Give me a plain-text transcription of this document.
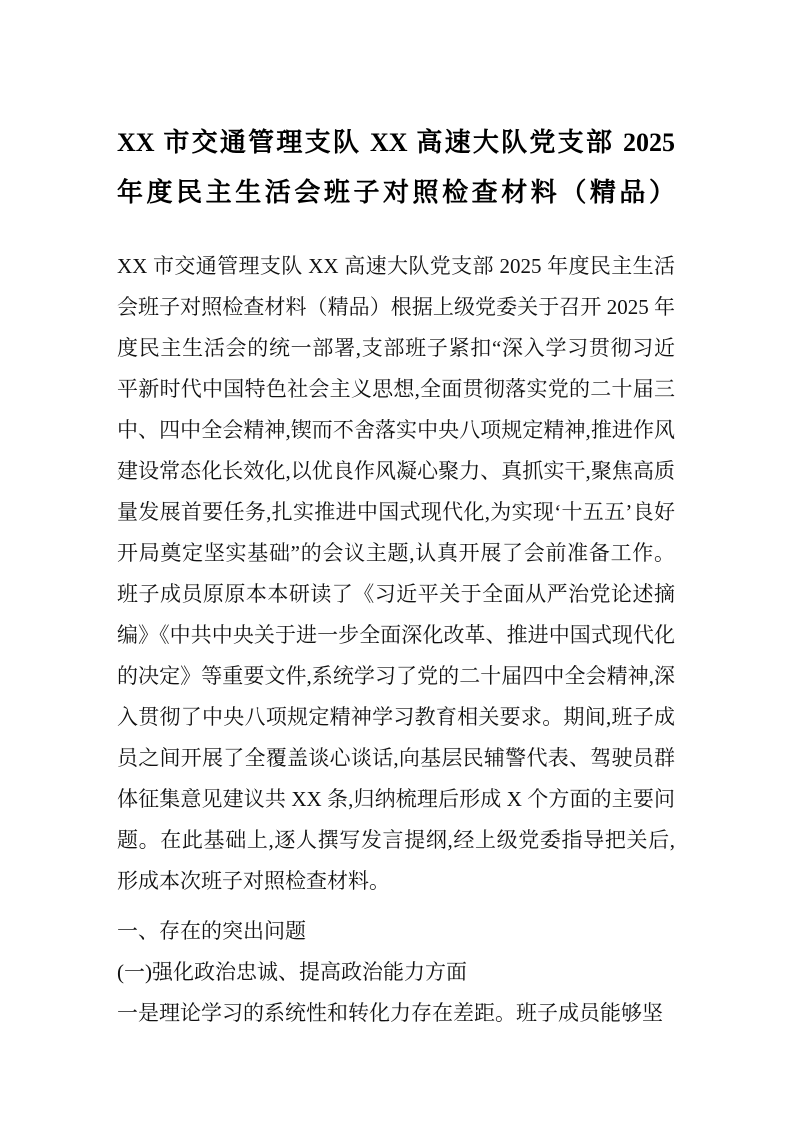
XX 市交通管理支队 XX 高速大队党支部 2025
年度民主生活会班子对照检查材料（精品）

XX 市交通管理支队 XX 高速大队党支部 2025 年度民主生活会班子对照检查材料（精品）根据上级党委关于召开 2025 年度民主生活会的统一部署,支部班子紧扣“深入学习贯彻习近平新时代中国特色社会主义思想,全面贯彻落实党的二十届三中、四中全会精神,锲而不舍落实中央八项规定精神,推进作风建设常态化长效化,以优良作风凝心聚力、真抓实干,聚焦高质量发展首要任务,扎实推进中国式现代化,为实现‘十五五’良好开局奠定坚实基础”的会议主题,认真开展了会前准备工作。班子成员原原本本研读了《习近平关于全面从严治党论述摘编》《中共中央关于进一步全面深化改革、推进中国式现代化的决定》等重要文件,系统学习了党的二十届四中全会精神,深入贯彻了中央八项规定精神学习教育相关要求。期间,班子成员之间开展了全覆盖谈心谈话,向基层民辅警代表、驾驶员群体征集意见建议共 XX 条,归纳梳理后形成 X 个方面的主要问题。在此基础上,逐人撰写发言提纲,经上级党委指导把关后,形成本次班子对照检查材料。

一、存在的突出问题

(一)强化政治忠诚、提高政治能力方面

一是理论学习的系统性和转化力存在差距。班子成员能够坚
